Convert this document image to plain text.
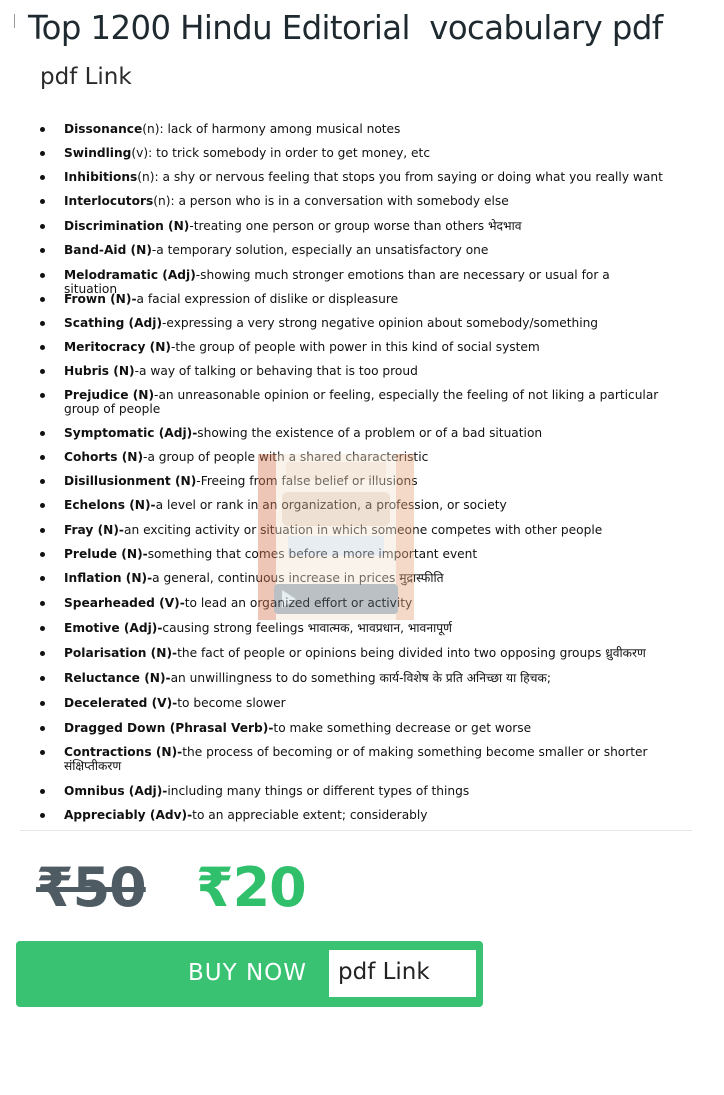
Top 1200 Hindu Editorial  vocabulary pdf
pdf Link
Dissonance(n): lack of harmony among musical notes
Swindling(v): to trick somebody in order to get money, etc
Inhibitions(n): a shy or nervous feeling that stops you from saying or doing what you really want
Interlocutors(n): a person who is in a conversation with somebody else
Discrimination (N)-treating one person or group worse than others भेदभाव
Band-Aid (N)-a temporary solution, especially an unsatisfactory one
Melodramatic (Adj)-showing much stronger emotions than are necessary or usual for a situation
Frown (N)-a facial expression of dislike or displeasure
Scathing (Adj)-expressing a very strong negative opinion about somebody/something
Meritocracy (N)-the group of people with power in this kind of social system
Hubris (N)-a way of talking or behaving that is too proud
Prejudice (N)-an unreasonable opinion or feeling, especially the feeling of not liking a particular group of people
Symptomatic (Adj)-showing the existence of a problem or of a bad situation
Cohorts (N)-a group of people with a shared characteristic
Disillusionment (N)-Freeing from false belief or illusions
Echelons (N)-a level or rank in an organization, a profession, or society
Fray (N)-an exciting activity or situation in which someone competes with other people
Prelude (N)-something that comes before a more important event
Inflation (N)-a general, continuous increase in prices मुद्रास्फीति
Spearheaded (V)-to lead an organized effort or activity
Emotive (Adj)-causing strong feelings भावात्मक, भावप्रधान, भावनापूर्ण
Polarisation (N)-the fact of people or opinions being divided into two opposing groups ध्रुवीकरण
Reluctance (N)-an unwillingness to do something कार्य-विशेष के प्रति अनिच्छा या हिचक;
Decelerated (V)-to become slower
Dragged Down (Phrasal Verb)-to make something decrease or get worse
Contractions (N)-the process of becoming or of making something become smaller or shorter संक्षिप्तीकरण
Omnibus (Adj)-including many things or different types of things
Appreciably (Adv)-to an appreciable extent; considerably
₹50 ₹20
BUY NOW pdf Link
